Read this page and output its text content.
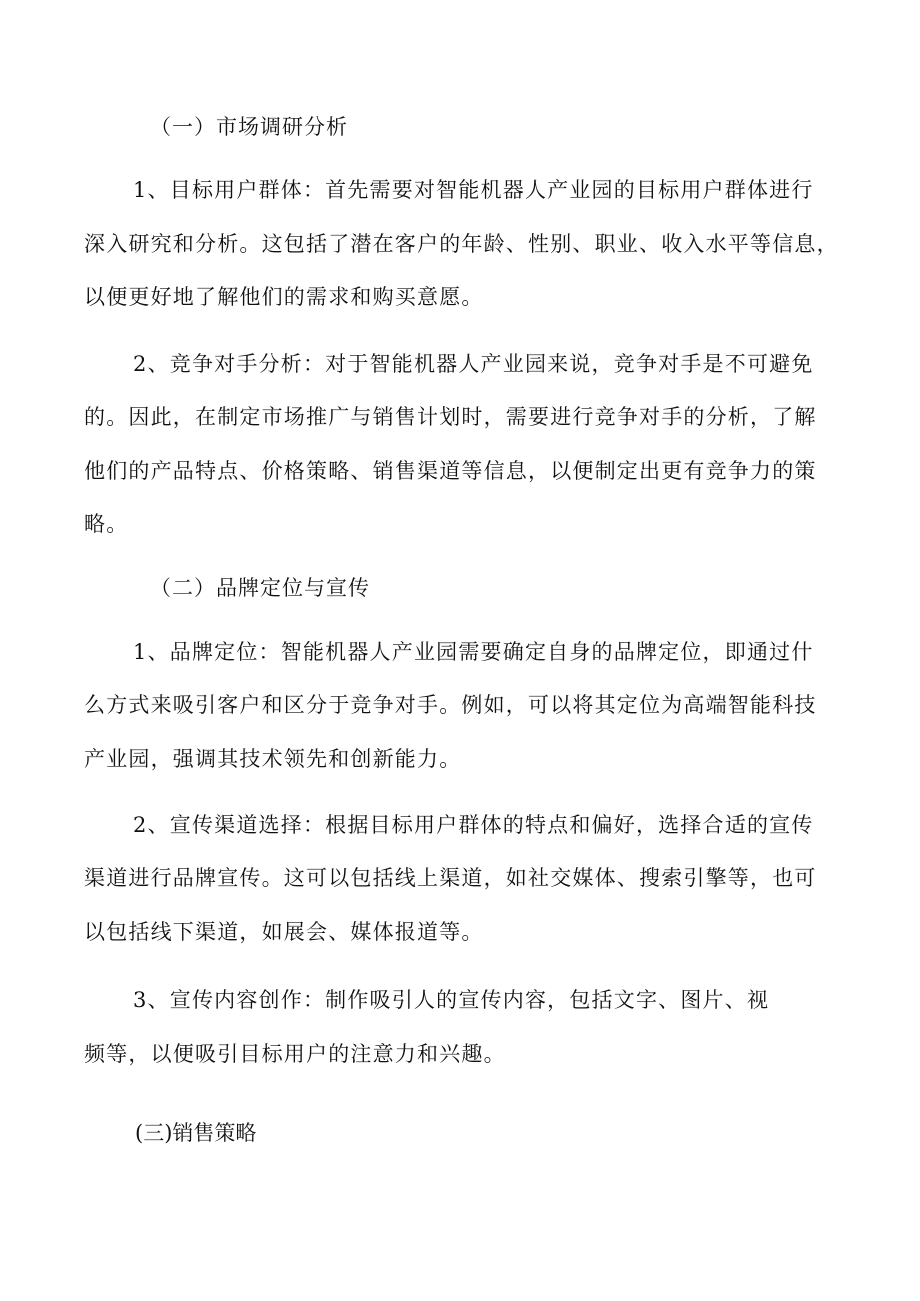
（一）市场调研分析
1、目标用户群体：首先需要对智能机器人产业园的目标用户群体进行
深入研究和分析。这包括了潜在客户的年龄、性别、职业、收入水平等信息，
以便更好地了解他们的需求和购买意愿。
2、竞争对手分析：对于智能机器人产业园来说，竞争对手是不可避免
的。因此，在制定市场推广与销售计划时，需要进行竞争对手的分析，了解
他们的产品特点、价格策略、销售渠道等信息，以便制定出更有竞争力的策
略。
（二）品牌定位与宣传
1、品牌定位：智能机器人产业园需要确定自身的品牌定位，即通过什
么方式来吸引客户和区分于竞争对手。例如，可以将其定位为高端智能科技
产业园，强调其技术领先和创新能力。
2、宣传渠道选择：根据目标用户群体的特点和偏好，选择合适的宣传
渠道进行品牌宣传。这可以包括线上渠道，如社交媒体、搜索引擎等，也可
以包括线下渠道，如展会、媒体报道等。
3、宣传内容创作：制作吸引人的宣传内容，包括文字、图片、视
频等，以便吸引目标用户的注意力和兴趣。
(三)销售策略
